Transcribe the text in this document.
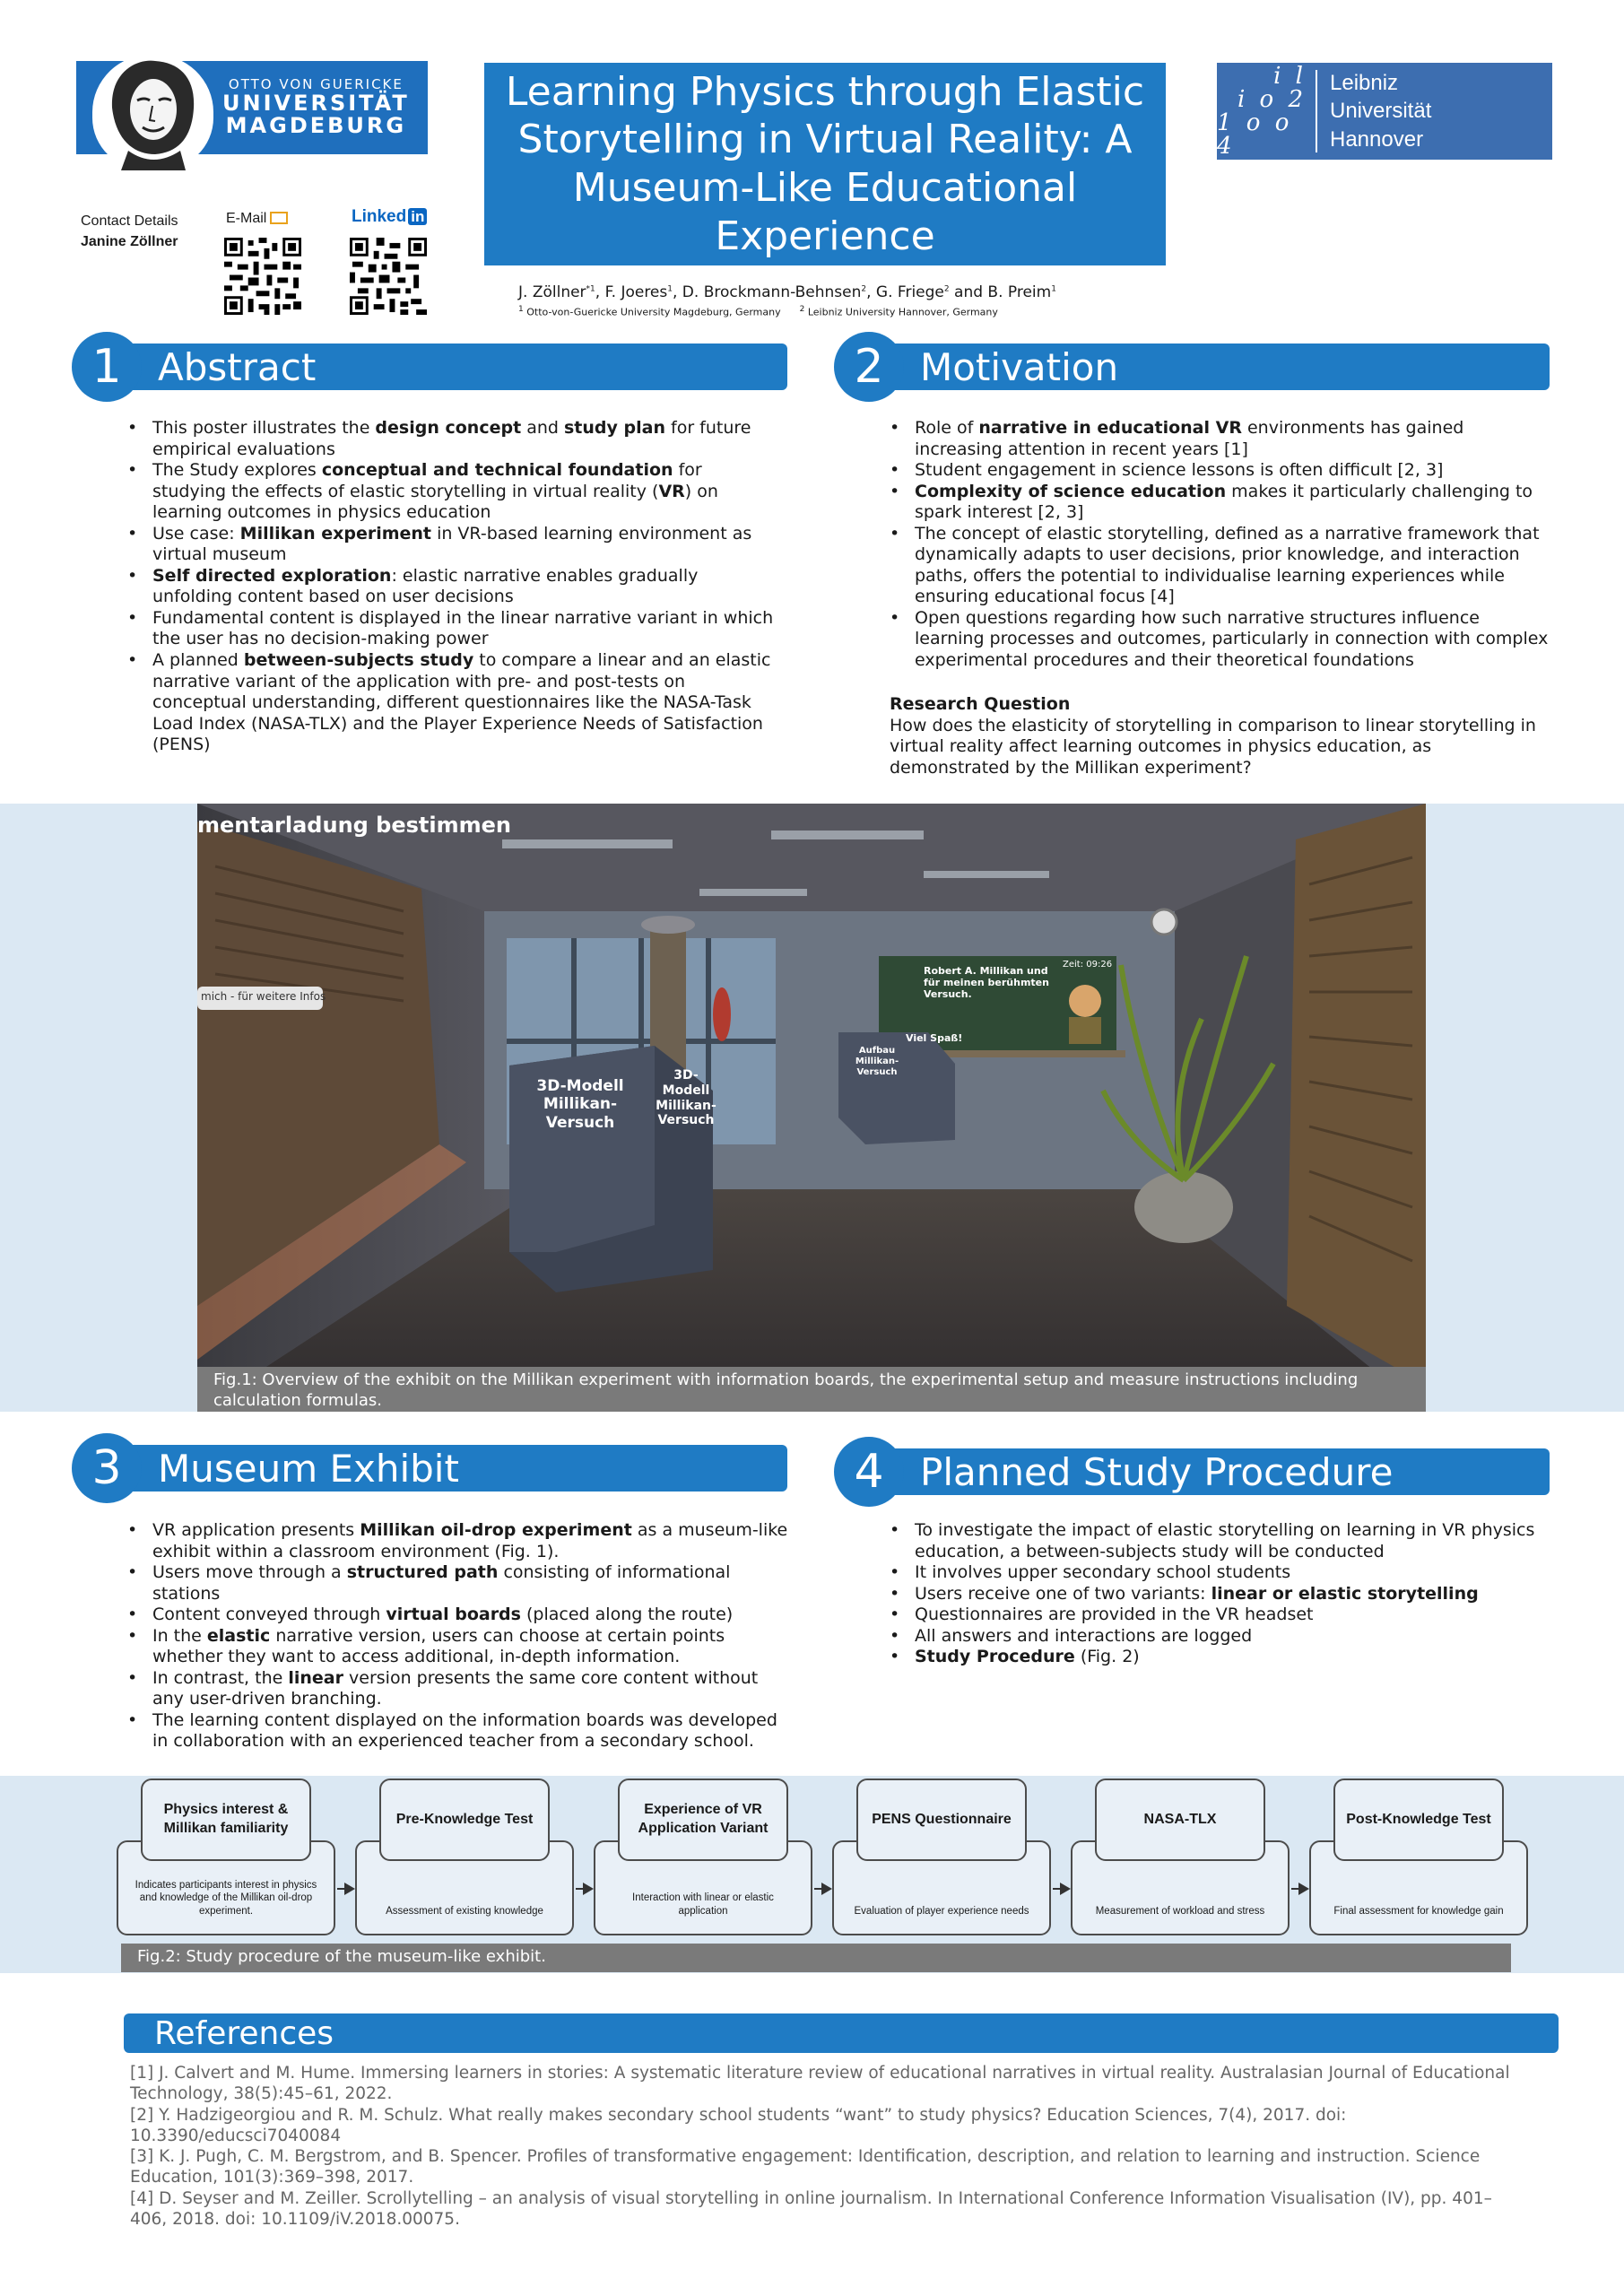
OTTO VON GUERICKE
UNIVERSITÄT
MAGDEBURG
Contact Details
Janine Zöllner
E-Mail	Linked in
Learning Physics through Elastic Storytelling in Virtual Reality: A Museum-Like Educational Experience
J. Zöllner$^{*1}$, F. Joeres$^1$, D. Brockmann-Behnsen$^2$, G. Friege$^2$ and B. Preim$^1$
$^1$ Otto-von-Guericke University Magdeburg, Germany $^2$ Leibniz University Hannover, Germany
i l
i o 2
1 o o 4
Leibniz
Universität
Hannover
1 Abstract
• This poster illustrates the design concept and study plan for future empirical evaluations
• The Study explores conceptual and technical foundation for studying the effects of elastic storytelling in virtual reality (VR) on learning outcomes in physics education
• Use case: Millikan experiment in VR-based learning environment as virtual museum
• Self directed exploration: elastic narrative enables gradually unfolding content based on user decisions
• Fundamental content is displayed in the linear narrative variant in which the user has no decision-making power
• A planned between-subjects study to compare a linear and an elastic narrative variant of the application with pre- and post-tests on conceptual understanding, different questionnaires like the NASA-Task Load Index (NASA-TLX) and the Player Experience Needs of Satisfaction (PENS)
2 Motivation
• Role of narrative in educational VR environments has gained increasing attention in recent years [1]
• Student engagement in science lessons is often difficult [2, 3]
• Complexity of science education makes it particularly challenging to spark interest [2, 3]
• The concept of elastic storytelling, defined as a narrative framework that dynamically adapts to user decisions, prior knowledge, and interaction paths, offers the potential to individualise learning experiences while ensuring educational focus [4]
• Open questions regarding how such narrative structures influence learning processes and outcomes, particularly in connection with complex experimental procedures and their theoretical foundations
Research Question
How does the elasticity of storytelling in comparison to linear storytelling in virtual reality affect learning outcomes in physics education, as demonstrated by the Millikan experiment?
mentarladung bestimmen
mich - für weitere Infos
3D-Modell Millikan-Versuch
3D-Modell Millikan-Versuch
Aufbau Millikan-Versuch
Robert A. Millikan und für meinen berühmten Versuch.
Zeit: 09:26
Viel Spaß!
Fig.1: Overview of the exhibit on the Millikan experiment with information boards, the experimental setup and measure instructions including calculation formulas.
3 Museum Exhibit
• VR application presents Millikan oil-drop experiment as a museum-like exhibit within a classroom environment (Fig. 1).
• Users move through a structured path consisting of informational stations
• Content conveyed through virtual boards (placed along the route)
• In the elastic narrative version, users can choose at certain points whether they want to access additional, in-depth information.
• In contrast, the linear version presents the same core content without any user-driven branching.
• The learning content displayed on the information boards was developed in collaboration with an experienced teacher from a secondary school.
4 Planned Study Procedure
• To investigate the impact of elastic storytelling on learning in VR physics education, a between-subjects study will be conducted
• It involves upper secondary school students
• Users receive one of two variants: linear or elastic storytelling
• Questionnaires are provided in the VR headset
• All answers and interactions are logged
• Study Procedure (Fig. 2)
Indicates participants interest in physics and knowledge of the Millikan oil-drop experiment.
Physics interest & Millikan familiarity
Assessment of existing knowledge
Pre-Knowledge Test
Interaction with linear or elastic application
Experience of VR Application Variant
Evaluation of player experience needs
PENS Questionnaire
Measurement of workload and stress
NASA-TLX
Final assessment for knowledge gain
Post-Knowledge Test
Fig.2: Study procedure of the museum-like exhibit.
References
[1] J. Calvert and M. Hume. Immersing learners in stories: A systematic literature review of educational narratives in virtual reality. Australasian Journal of Educational Technology, 38(5):45–61, 2022.
[2] Y. Hadzigeorgiou and R. M. Schulz. What really makes secondary school students “want” to study physics? Education Sciences, 7(4), 2017. doi: 10.3390/educsci7040084
[3] K. J. Pugh, C. M. Bergstrom, and B. Spencer. Profiles of transformative engagement: Identification, description, and relation to learning and instruction. Science Education, 101(3):369–398, 2017.
[4] D. Seyser and M. Zeiller. Scrollytelling – an analysis of visual storytelling in online journalism. In International Conference Information Visualisation (IV), pp. 401–406, 2018. doi: 10.1109/iV.2018.00075.
